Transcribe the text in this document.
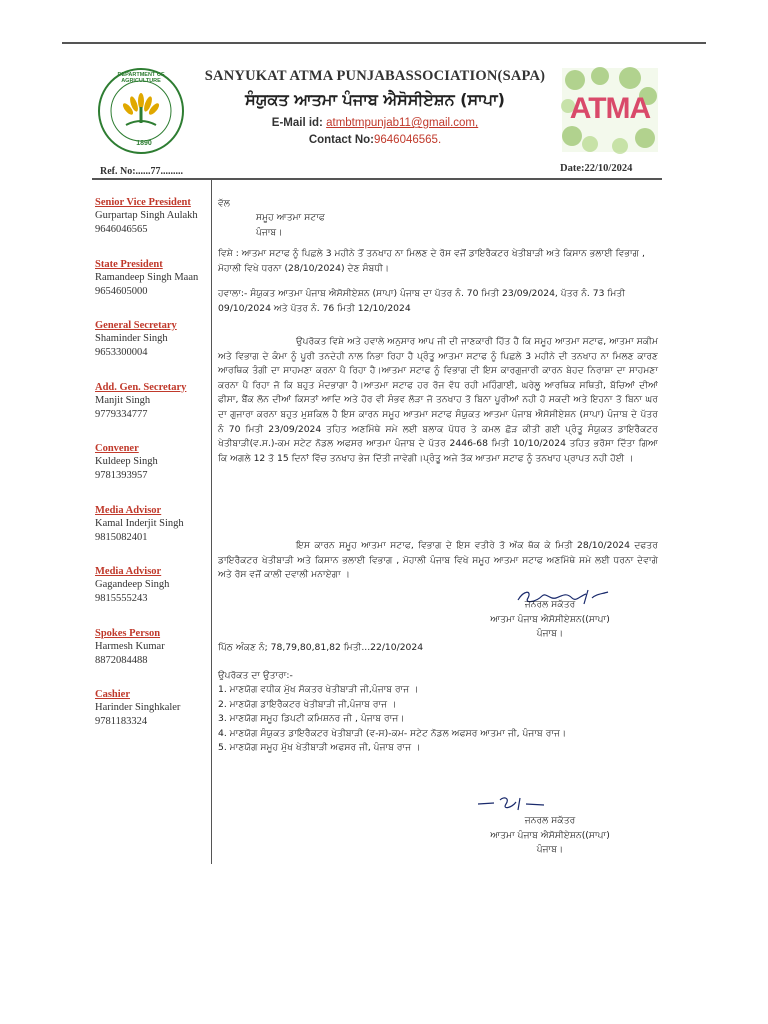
DEPARTMENT OF AGRICULTURE
1890
ATMA
SANYUKAT ATMA PUNJABASSOCIATION(SAPA)
ਸੰਯੁਕਤ ਆਤਮਾ ਪੰਜਾਬ ਐਸੋਸੀਏਸ਼ਨ (ਸਾਪਾ)
E-Mail id: atmbtmpunjab11@gmail.com,
Contact No:9646046565.
Ref. No:......77.........	Date:22/10/2024
Senior Vice President
Gurpartap Singh Aulakh
9646046565
State President
Ramandeep Singh Maan
9654605000
General Secretary
Shaminder Singh
9653300004
Add. Gen. Secretary
Manjit Singh
9779334777
Convener
Kuldeep Singh
9781393957
Media Advisor
Kamal Inderjit Singh
9815082401
Media Advisor
Gagandeep Singh
9815555243
Spokes Person
Harmesh Kumar
8872084488
Cashier
Harinder Singhkaler
9781183324
ਵੱਲ
ਸਮੂਹ ਆਤਮਾ ਸਟਾਫ
ਪੰਜਾਬ।
ਵਿਸ਼ੇ : ਆਤਮਾ ਸਟਾਫ ਨੂੰ ਪਿਛਲੇ 3 ਮਹੀਨੇ ਤੋਂ ਤਨਖਾਹ ਨਾ ਮਿਲਣ ਦੇ ਰੋਸ ਵਜੋਂ ਡਾਇਰੈਕਟਰ ਖੇਤੀਬਾੜੀ ਅਤੇ ਕਿਸਾਨ ਭਲਾਈ ਵਿਭਾਗ , ਮੋਹਾਲੀ ਵਿਖੇ ਧਰਨਾ (28/10/2024) ਦੇਣ ਸੰਬਧੀ।
ਹਵਾਲਾ:- ਸੰਯੁਕਤ ਆਤਮਾ ਪੰਜਾਬ ਐਸੋਸੀਏਸ਼ਨ (ਸਾਪਾ) ਪੰਜਾਬ ਦਾ ਪੱਤਰ ਨੰ. 70 ਮਿਤੀ 23/09/2024, ਪੱਤਰ ਨੰ. 73 ਮਿਤੀ 09/10/2024 ਅਤੇ ਪੱਤਰ ਨੰ. 76 ਮਿਤੀ 12/10/2024
ਉਪਰੋਕਤ ਵਿਸ਼ੇ ਅਤੇ ਹਵਾਲੇ ਅਨੁਸਾਰ ਆਪ ਜੀ ਦੀ ਜਾਣਕਾਰੀ ਹਿੱਤ ਹੈ ਕਿ ਸਮੂਹ ਆਤਮਾ ਸਟਾਫ, ਆਤਮਾ ਸਕੀਮ ਅਤੇ ਵਿਭਾਗ ਦੇ ਕੰਮਾ ਨੂੰ ਪੂਰੀ ਤਨਦੇਹੀ ਨਾਲ ਨਿਭਾ ਰਿਹਾ ਹੈ ਪ੍ਰੰਤੂ ਆਤਮਾ ਸਟਾਫ ਨੂੰ ਪਿਛਲੇ 3 ਮਹੀਨੇ ਦੀ ਤਨਖਾਹ ਨਾ ਮਿਲਣ ਕਾਰਣ ਆਰਥਿਕ ਤੰਗੀ ਦਾ ਸਾਹਮਣਾ ਕਰਨਾ ਪੈ ਰਿਹਾ ਹੈ।ਆਤਮਾ ਸਟਾਫ ਨੂੰ ਵਿਭਾਗ ਦੀ ਇਸ ਕਾਰਗੁਜਾਰੀ ਕਾਰਨ ਬੇਹਦ ਨਿਰਾਸ਼ਾ ਦਾ ਸਾਹਮਣਾ ਕਰਨਾ ਪੈ ਰਿਹਾ ਜੋ ਕਿ ਬਹੁਤ ਮੰਦਭਾਗਾ ਹੈ।ਆਤਮਾ ਸਟਾਫ ਹਰ ਰੋਜ ਵੱਧ ਰਹੀ ਮਹਿੰਗਾਈ, ਘਰੇਲੂ ਆਰਥਿਕ ਸਥਿਤੀ, ਬੱਚਿਆਂ ਦੀਆਂ ਫੀਸਾ, ਬੈਂਕ ਲੋਨ ਦੀਆਂ ਕਿਸਤਾਂ ਆਦਿ ਅਤੇ ਹੋਰ ਵੀ ਸੰਭਵ ਲੋੜਾ ਜੋ ਤਨਖਾਹ ਤੋ ਬਿਨਾ ਪੂਰੀਆਂ ਨਹੀ ਹੋ ਸਕਦੀ ਅਤੇ ਇਹਨਾ ਤੋ ਬਿਨਾ ਘਰ ਦਾ ਗੁਜਾਰਾ ਕਰਨਾ ਬਹੁਤ ਮੁਸ਼ਕਿਲ ਹੈ ਇਸ ਕਾਰਨ ਸਮੂਹ ਆਤਮਾ ਸਟਾਫ ਸੰਯੁਕਤ ਆਤਮਾ ਪੰਜਾਬ ਐਸੋਸੀਏਸ਼ਨ (ਸਾਪਾ) ਪੰਜਾਬ ਦੇ ਪੱਤਰ ਨੰ 70 ਮਿਤੀ 23/09/2024 ਤਹਿਤ ਅਣਮਿੱਥੇ ਸਮੇ ਲਈ ਬਲਾਕ ਪੱਧਰ ਤੇ ਕਮਲ ਛੋੜ ਕੀਤੀ ਗਈ ਪ੍ਰੰਤੂ ਸੰਯੁਕਤ ਡਾਇਰੈਕਟਰ ਖੇਤੀਬਾੜੀ(ਵ.ਸ.)-ਕਮ ਸਟੇਟ ਨੋਡਲ ਅਫਸਰ ਆਤਮਾ ਪੰਜਾਬ ਦੇ ਪੱਤਰ 2446-68 ਮਿਤੀ 10/10/2024 ਤਹਿਤ ਭਰੋਸਾ ਦਿੱਤਾ ਗਿਆ ਕਿ ਅਗਲੇ 12 ਤੋ 15 ਦਿਨਾਂ ਵਿੱਚ ਤਨਖਾਹ ਭੇਜ ਦਿੱਤੀ ਜਾਵੇਗੀ।ਪ੍ਰੰਤੂ ਅਜੇ ਤੱਕ ਆਤਮਾ ਸਟਾਫ ਨੂੰ ਤਨਖਾਹ ਪ੍ਰਾਪਤ ਨਹੀ ਹੋਈ ।
ਇਸ ਕਾਰਨ ਸਮੂਹ ਆਤਮਾ ਸਟਾਫ, ਵਿਭਾਗ ਦੇ ਇਸ ਵਤੀਰੇ ਤੋ ਅੱਕ ਥੱਕ ਕੇ ਮਿਤੀ 28/10/2024 ਦਫਤਰ ਡਾਇਰੈਕਟਰ ਖੇਤੀਬਾੜੀ ਅਤੇ ਕਿਸਾਨ ਭਲਾਈ ਵਿਭਾਗ , ਮੋਹਾਲੀ ਪੰਜਾਬ ਵਿਖੇ ਸਮੂਹ ਆਤਮਾ ਸਟਾਫ ਅਣਮਿੱਥੇ ਸਮੇ ਲਈ ਧਰਨਾ ਦੇਵਾਗੇ ਅਤੇ ਰੋਸ ਵਜੋਂ ਕਾਲੀ ਦਵਾਲੀ ਮਨਾਏਗਾ ।
ਜਨਰਲ ਸਕੱਤਰ
ਆਤਮਾ ਪੰਜਾਬ ਐਸੋਸੀਏਸ਼ਨ((ਸਾਪਾ)
ਪੰਜਾਬ।
ਪਿੱਠ ਅੰਕਣ ਨੰ; 78,79,80,81,82 ਮਿਤੀ...22/10/2024
ਉਪਰੋਕਤ ਦਾ ਉਤਾਰਾ:-
1. ਮਾਣਯੋਗ ਵਧੀਕ ਮੁੱਖ ਸੱਕਤਰ ਖੇਤੀਬਾੜੀ ਜੀ,ਪੰਜਾਬ ਰਾਜ ।
2. ਮਾਣਯੋਗ ਡਾਇਰੈਕਟਰ ਖੇਤੀਬਾੜੀ ਜੀ,ਪੰਜਾਬ ਰਾਜ ।
3. ਮਾਣਯੋਗ ਸਮੂਹ ਡਿਪਟੀ ਕਮਿਸ਼ਨਰ ਜੀ , ਪੰਜਾਬ ਰਾਜ।
4. ਮਾਣਯੋਗ ਸੰਯੁਕਤ ਡਾਇਰੈਕਟਰ ਖੇਤੀਬਾੜੀ (ਵ-ਸ)-ਕਮ- ਸਟੇਟ ਨੋਡਲ ਅਫਸਰ ਆਤਮਾ ਜੀ, ਪੰਜਾਬ ਰਾਜ।
5. ਮਾਣਯੋਗ ਸਮੂਹ ਮੁੱਖ ਖੇਤੀਬਾੜੀ ਅਫਸਰ ਜੀ, ਪੰਜਾਬ ਰਾਜ ।
ਜਨਰਲ ਸਕੱਤਰ
ਆਤਮਾ ਪੰਜਾਬ ਐਸੋਸੀਏਸ਼ਨ((ਸਾਪਾ)
ਪੰਜਾਬ।
